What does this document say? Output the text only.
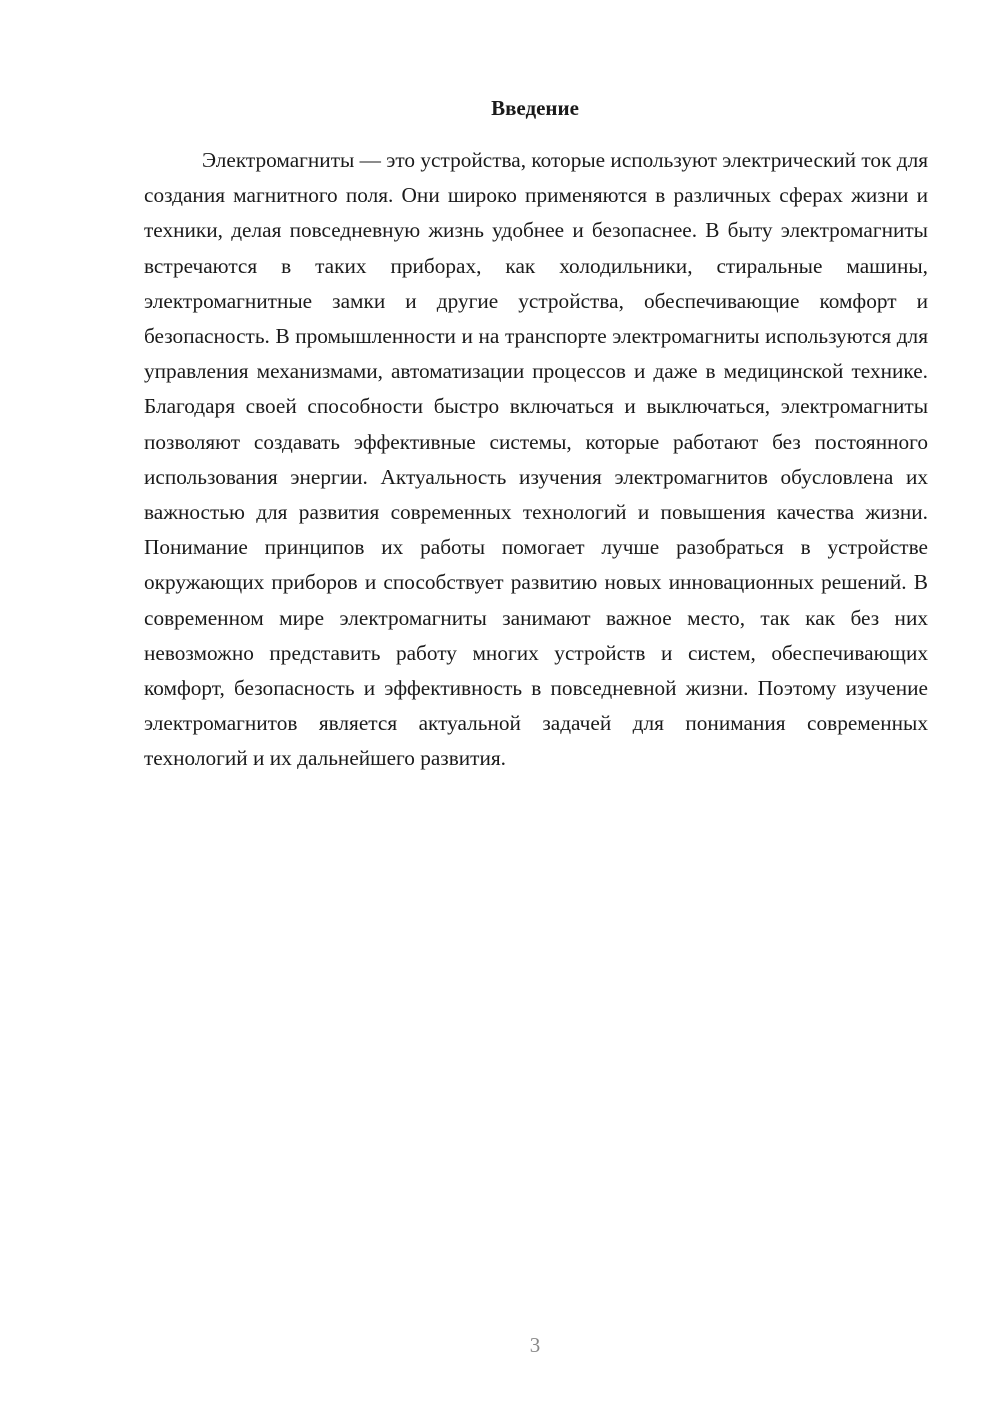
Введение

Электромагниты — это устройства, которые используют электрический ток для создания магнитного поля. Они широко применяются в различных сферах жизни и техники, делая повседневную жизнь удобнее и безопаснее. В быту электромагниты встречаются в таких приборах, как холодильники, стиральные машины, электромагнитные замки и другие устройства, обеспечивающие комфорт и безопасность. В промышленности и на транспорте электромагниты используются для управления механизмами, автоматизации процессов и даже в медицинской технике. Благодаря своей способности быстро включаться и выключаться, электромагниты позволяют создавать эффективные системы, которые работают без постоянного использования энергии. Актуальность изучения электромагнитов обусловлена их важностью для развития современных технологий и повышения качества жизни. Понимание принципов их работы помогает лучше разобраться в устройстве окружающих приборов и способствует развитию новых инновационных решений. В современном мире электромагниты занимают важное место, так как без них невозможно представить работу многих устройств и систем, обеспечивающих комфорт, безопасность и эффективность в повседневной жизни. Поэтому изучение электромагнитов является актуальной задачей для понимания современных технологий и их дальнейшего развития.

3
